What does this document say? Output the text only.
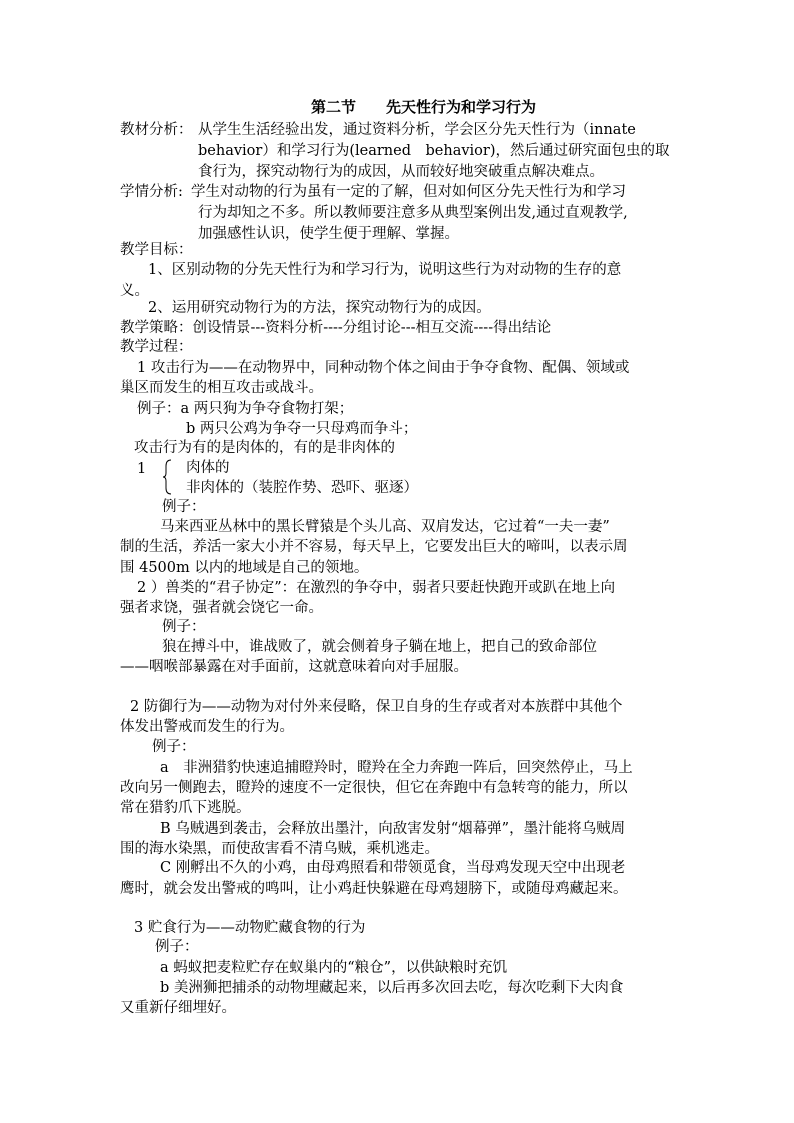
第二节　　先天性行为和学习行为
教材分析： 从学生生活经验出发，通过资料分析，学会区分先天性行为（innate
behavior）和学习行为(learned　behavior)，然后通过研究面包虫的取
食行为，探究动物行为的成因，从而较好地突破重点解决难点。
学情分析: 学生对动物的行为虽有一定的了解，但对如何区分先天性行为和学习
行为却知之不多。所以教师要注意多从典型案例出发,通过直观教学,
加强感性认识，使学生便于理解、掌握。
教学目标：
1、区别动物的分先天性行为和学习行为，说明这些行为对动物的生存的意
义。
2、运用研究动物行为的方法，探究动物行为的成因。
教学策略：创设情景---资料分析----分组讨论---相互交流----得出结论
教学过程：
1 攻击行为——在动物界中，同种动物个体之间由于争夺食物、配偶、领域或
巢区而发生的相互攻击或战斗。
例子：a 两只狗为争夺食物打架；
b 两只公鸡为争夺一只母鸡而争斗；
攻击行为有的是肉体的，有的是非肉体的
1	肉体的
非肉体的（装腔作势、恐吓、驱逐）
例子：
马来西亚丛林中的黑长臂猿是个头儿高、双肩发达，它过着“一夫一妻”
制的生活，养活一家大小并不容易，每天早上，它要发出巨大的啼叫，以表示周
围 4500m 以内的地域是自己的领地。
2 ）兽类的“君子协定”：在激烈的争夺中，弱者只要赶快跑开或趴在地上向
强者求饶，强者就会饶它一命。
例子：
狼在搏斗中，谁战败了，就会侧着身子躺在地上，把自己的致命部位
——咽喉部暴露在对手面前，这就意味着向对手屈服。
2 防御行为——动物为对付外来侵略，保卫自身的生存或者对本族群中其他个
体发出警戒而发生的行为。
例子：
a　非洲猎豹快速追捕瞪羚时，瞪羚在全力奔跑一阵后，回突然停止，马上
改向另一侧跑去，瞪羚的速度不一定很快，但它在奔跑中有急转弯的能力，所以
常在猎豹爪下逃脱。
B 乌贼遇到袭击，会释放出墨汁，向敌害发射“烟幕弹”，墨汁能将乌贼周
围的海水染黑，而使敌害看不清乌贼，乘机逃走。
C 刚孵出不久的小鸡，由母鸡照看和带领觅食，当母鸡发现天空中出现老
鹰时，就会发出警戒的鸣叫，让小鸡赶快躲避在母鸡翅膀下，或随母鸡藏起来。
3 贮食行为——动物贮藏食物的行为
例子：
a 蚂蚁把麦粒贮存在蚁巢内的“粮仓”，以供缺粮时充饥
b 美洲狮把捕杀的动物埋藏起来，以后再多次回去吃，每次吃剩下大肉食
又重新仔细埋好。
